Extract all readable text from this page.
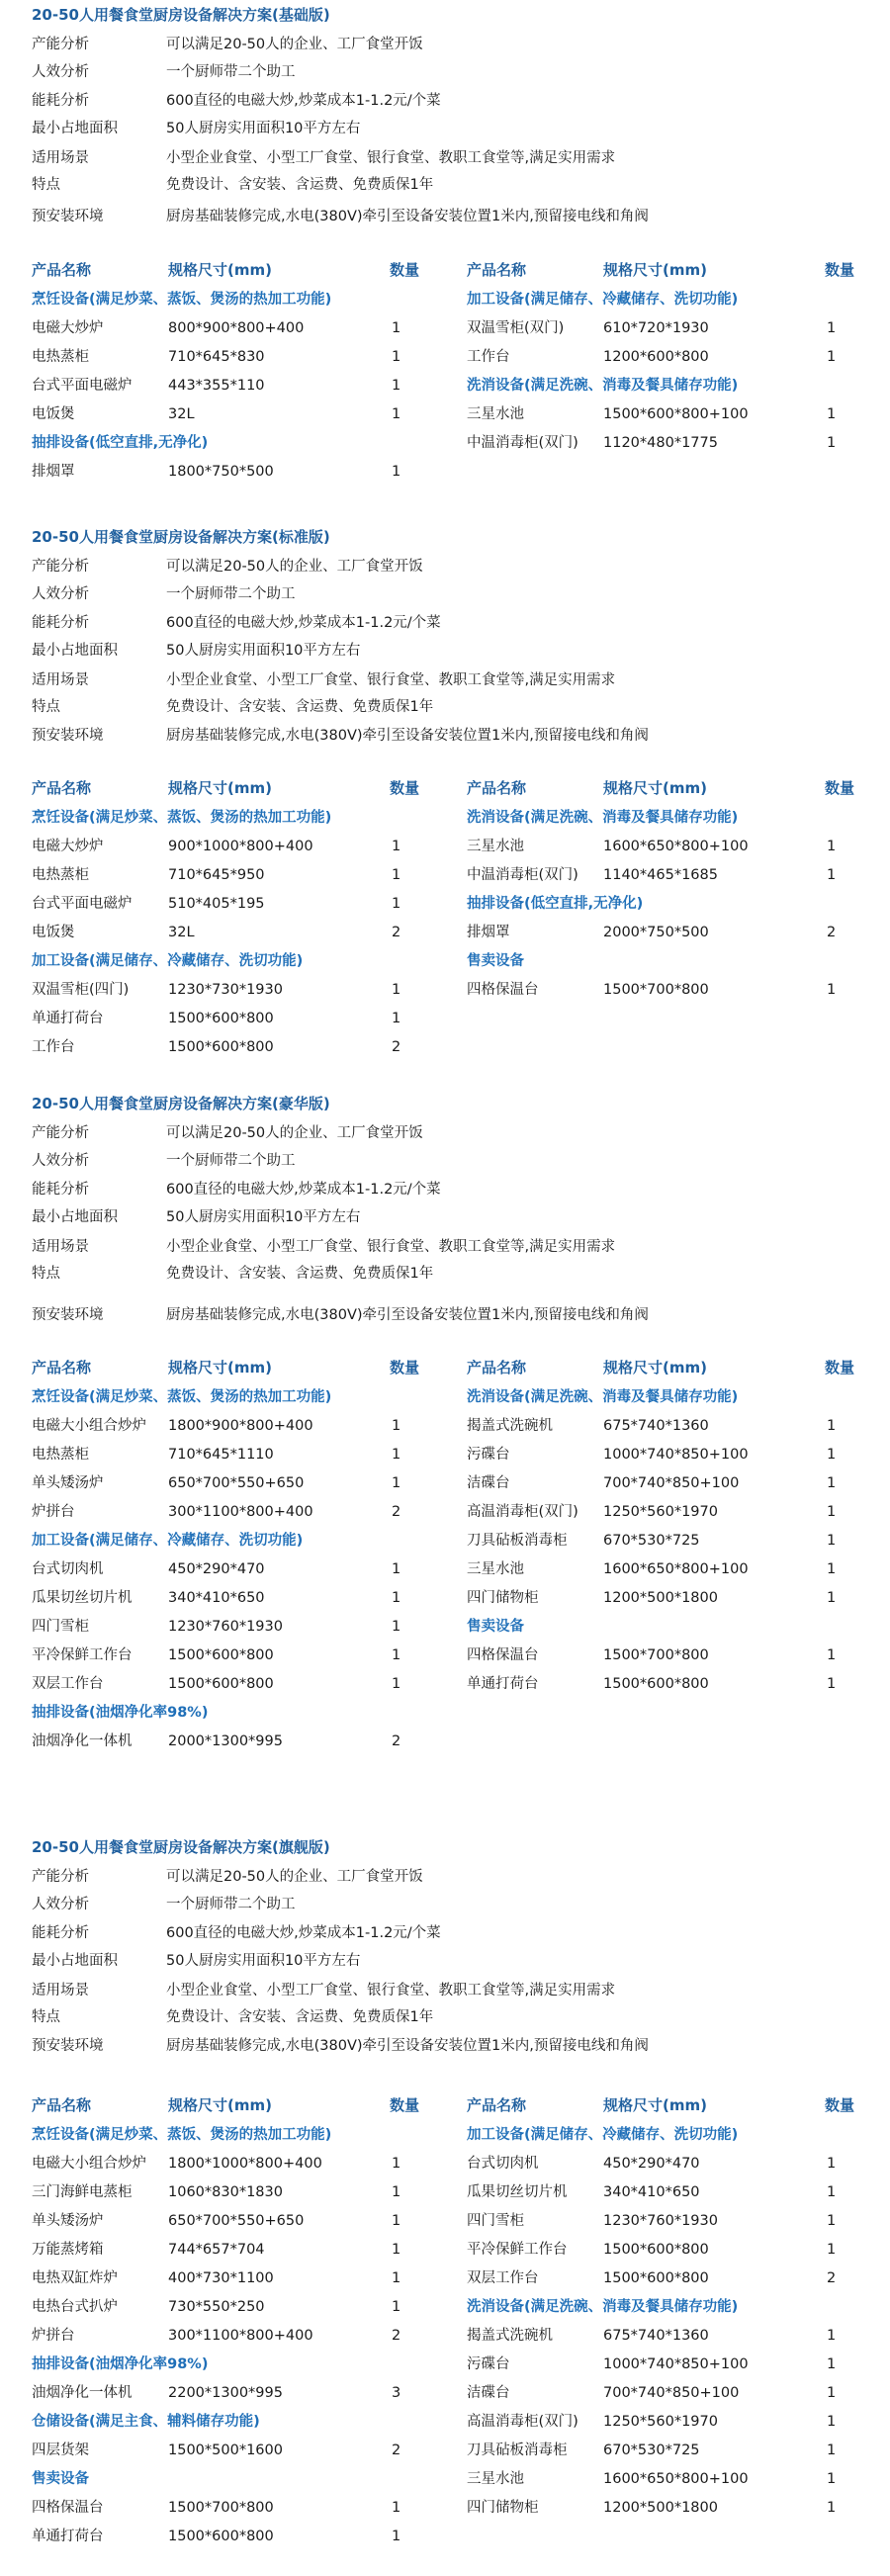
20-50人用餐食堂厨房设备解决方案(基础版)
产能分析	可以满足20-50人的企业、工厂食堂开饭
人效分析	一个厨师带二个助工
能耗分析	600直径的电磁大炒,炒菜成本1-1.2元/个菜
最小占地面积	50人厨房实用面积10平方左右
适用场景	小型企业食堂、小型工厂食堂、银行食堂、教职工食堂等,满足实用需求
特点	免费设计、含安装、含运费、免费质保1年
预安装环境	厨房基础装修完成,水电(380V)牵引至设备安装位置1米内,预留接电线和角阀
产品名称	规格尺寸(mm)	数量
烹饪设备(满足炒菜、蒸饭、煲汤的热加工功能)
电磁大炒炉	800*900*800+400	1
电热蒸柜	710*645*830	1
台式平面电磁炉	443*355*110	1
电饭煲	32L	1
抽排设备(低空直排,无净化)
排烟罩	1800*750*500	1
产品名称	规格尺寸(mm)	数量
加工设备(满足储存、冷藏储存、洗切功能)
双温雪柜(双门)	610*720*1930	1
工作台	1200*600*800	1
洗消设备(满足洗碗、消毒及餐具储存功能)
三星水池	1500*600*800+100	1
中温消毒柜(双门) 1120*480*1775	1
20-50人用餐食堂厨房设备解决方案(标准版)
产能分析	可以满足20-50人的企业、工厂食堂开饭
人效分析	一个厨师带二个助工
能耗分析	600直径的电磁大炒,炒菜成本1-1.2元/个菜
最小占地面积	50人厨房实用面积10平方左右
适用场景	小型企业食堂、小型工厂食堂、银行食堂、教职工食堂等,满足实用需求
特点	免费设计、含安装、含运费、免费质保1年
预安装环境	厨房基础装修完成,水电(380V)牵引至设备安装位置1米内,预留接电线和角阀
产品名称	规格尺寸(mm)	数量
烹饪设备(满足炒菜、蒸饭、煲汤的热加工功能)
电磁大炒炉	900*1000*800+400	1
电热蒸柜	710*645*950	1
台式平面电磁炉	510*405*195	1
电饭煲	32L	2
加工设备(满足储存、冷藏储存、洗切功能)
双温雪柜(四门)	1230*730*1930	1
单通打荷台	1500*600*800	1
工作台	1500*600*800	2
产品名称	规格尺寸(mm)	数量
洗消设备(满足洗碗、消毒及餐具储存功能)
三星水池	1600*650*800+100	1
中温消毒柜(双门) 1140*465*1685	1
抽排设备(低空直排,无净化)
排烟罩	2000*750*500	2
售卖设备
四格保温台	1500*700*800	1
20-50人用餐食堂厨房设备解决方案(豪华版)
产能分析	可以满足20-50人的企业、工厂食堂开饭
人效分析	一个厨师带二个助工
能耗分析	600直径的电磁大炒,炒菜成本1-1.2元/个菜
最小占地面积	50人厨房实用面积10平方左右
适用场景	小型企业食堂、小型工厂食堂、银行食堂、教职工食堂等,满足实用需求
特点	免费设计、含安装、含运费、免费质保1年
预安装环境	厨房基础装修完成,水电(380V)牵引至设备安装位置1米内,预留接电线和角阀
产品名称	规格尺寸(mm)	数量
烹饪设备(满足炒菜、蒸饭、煲汤的热加工功能)
电磁大小组合炒炉 1800*900*800+400	1
电热蒸柜	710*645*1110	1
单头矮汤炉	650*700*550+650	1
炉拼台	300*1100*800+400	2
加工设备(满足储存、冷藏储存、洗切功能)
台式切肉机	450*290*470	1
瓜果切丝切片机	340*410*650	1
四门雪柜	1230*760*1930	1
平冷保鲜工作台	1500*600*800	1
双层工作台	1500*600*800	1
抽排设备(油烟净化率98%)
油烟净化一体机	2000*1300*995	2
产品名称	规格尺寸(mm)	数量
洗消设备(满足洗碗、消毒及餐具储存功能)
揭盖式洗碗机	675*740*1360	1
污碟台	1000*740*850+100	1
洁碟台	700*740*850+100	1
高温消毒柜(双门) 1250*560*1970	1
刀具砧板消毒柜	670*530*725	1
三星水池	1600*650*800+100	1
四门储物柜	1200*500*1800	1
售卖设备
四格保温台	1500*700*800	1
单通打荷台	1500*600*800	1
20-50人用餐食堂厨房设备解决方案(旗舰版)
产能分析	可以满足20-50人的企业、工厂食堂开饭
人效分析	一个厨师带二个助工
能耗分析	600直径的电磁大炒,炒菜成本1-1.2元/个菜
最小占地面积	50人厨房实用面积10平方左右
适用场景	小型企业食堂、小型工厂食堂、银行食堂、教职工食堂等,满足实用需求
特点	免费设计、含安装、含运费、免费质保1年
预安装环境	厨房基础装修完成,水电(380V)牵引至设备安装位置1米内,预留接电线和角阀
产品名称	规格尺寸(mm)	数量
烹饪设备(满足炒菜、蒸饭、煲汤的热加工功能)
电磁大小组合炒炉 1800*1000*800+400	1
三门海鲜电蒸柜	1060*830*1830	1
单头矮汤炉	650*700*550+650	1
万能蒸烤箱	744*657*704	1
电热双缸炸炉	400*730*1100	1
电热台式扒炉	730*550*250	1
炉拼台	300*1100*800+400	2
抽排设备(油烟净化率98%)
油烟净化一体机	2200*1300*995	3
仓储设备(满足主食、辅料储存功能)
四层货架	1500*500*1600	2
售卖设备
四格保温台	1500*700*800	1
单通打荷台	1500*600*800	1
产品名称	规格尺寸(mm)	数量
加工设备(满足储存、冷藏储存、洗切功能)
台式切肉机	450*290*470	1
瓜果切丝切片机	340*410*650	1
四门雪柜	1230*760*1930	1
平冷保鲜工作台	1500*600*800	1
双层工作台	1500*600*800	2
洗消设备(满足洗碗、消毒及餐具储存功能)
揭盖式洗碗机	675*740*1360	1
污碟台	1000*740*850+100	1
洁碟台	700*740*850+100	1
高温消毒柜(双门) 1250*560*1970	1
刀具砧板消毒柜	670*530*725	1
三星水池	1600*650*800+100	1
四门储物柜	1200*500*1800	1
